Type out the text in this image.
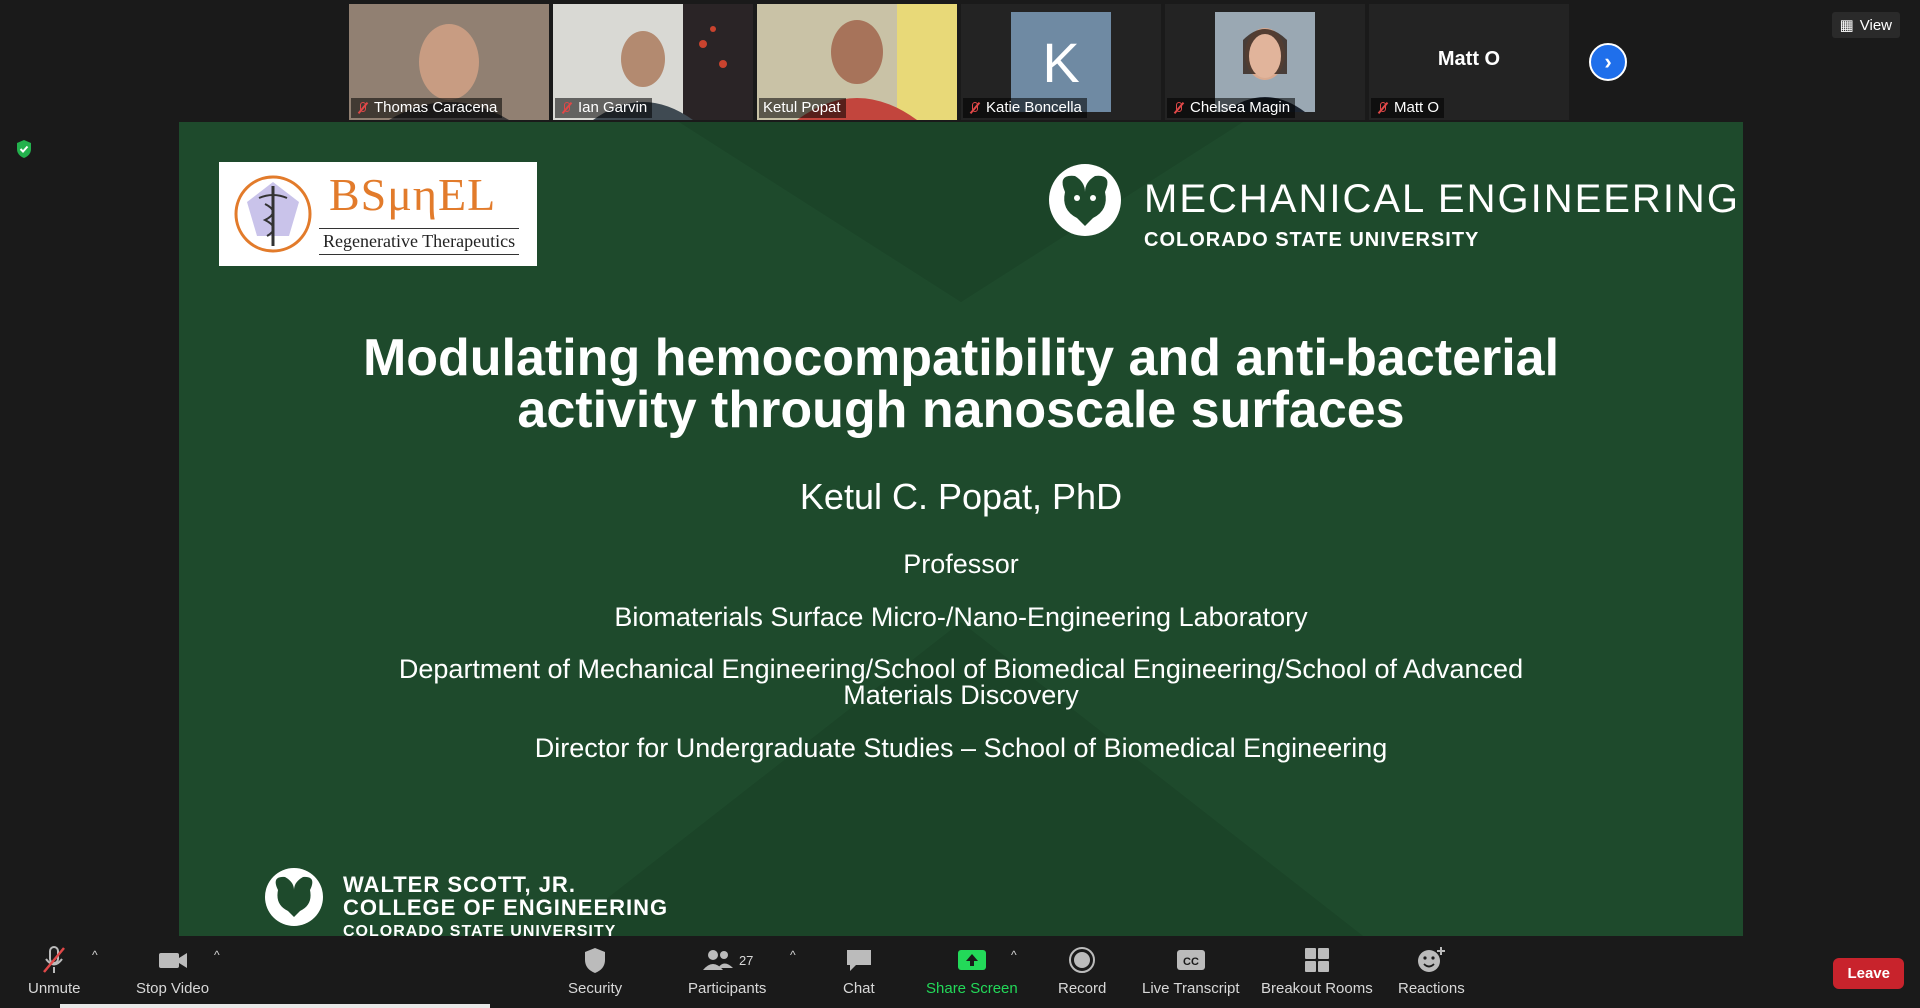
Thomas Caracena	Ian Garvin	Ketul Popat
K
Katie Boncella	Chelsea Magin
Matt O
Matt O
›
▦ View
BSμηEL
Regenerative Therapeutics
MECHANICAL ENGINEERING
COLORADO STATE UNIVERSITY
Modulating hemocompatibility and anti-bacterial
activity through nanoscale surfaces
Ketul C. Popat, PhD
Professor
Biomaterials Surface Micro-/Nano-Engineering Laboratory
Department of Mechanical Engineering/School of Biomedical Engineering/School of Advanced
Materials Discovery
Director for Undergraduate Studies – School of Biomedical Engineering
WALTER SCOTT, JR.
COLLEGE OF ENGINEERING
COLORADO STATE UNIVERSITY
Unmute
^
Stop Video
^
Security
27
Participants
^
Chat	Share Screen
^
Record
CC
Live Transcript Breakout Rooms Reactions
Leave
